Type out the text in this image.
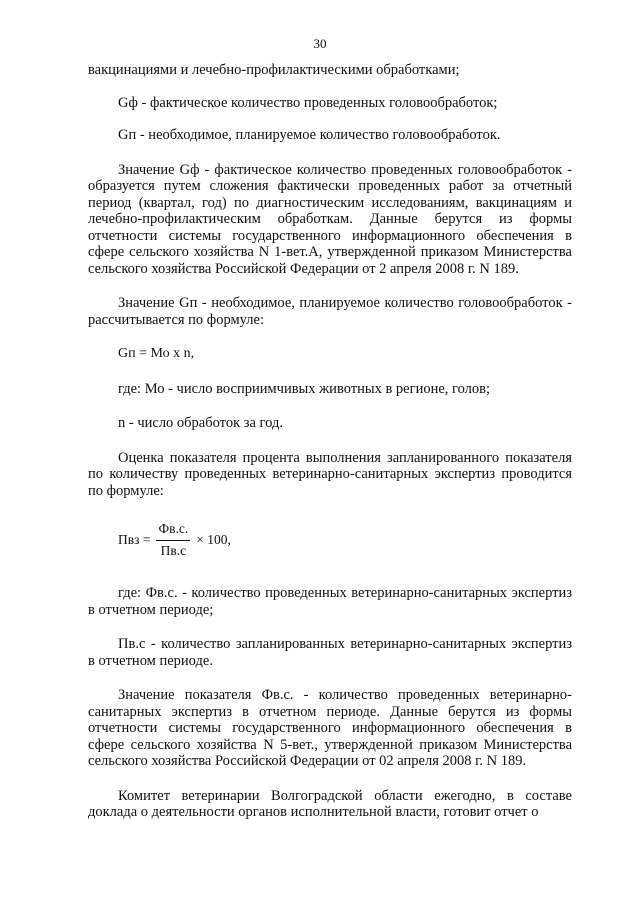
30

вакцинациями и лечебно-профилактическими обработками;

Gф - фактическое количество проведенных головообработок;

Gп - необходимое, планируемое количество головообработок.

Значение Gф - фактическое количество проведенных головообработок - образуется путем сложения фактически проведенных работ за отчетный период (квартал, год) по диагностическим исследованиям, вакцинациям и лечебно-профилактическим обработкам. Данные берутся из формы отчетности системы государственного информационного обеспечения в сфере сельского хозяйства N 1-вет.А, утвержденной приказом Министерства сельского хозяйства Российской Федерации от 2 апреля 2008 г. N 189.

Значение Gп - необходимое, планируемое количество головообработок - рассчитывается по формуле:

Gп = Мо x n,

где: Мо - число восприимчивых животных в регионе, голов;

n - число обработок за год.

Оценка показателя процента выполнения запланированного показателя по количеству проведенных ветеринарно-санитарных экспертиз проводится по формуле:

Пвз = $\frac{Фв.с.}{Пв.с} \times 100$,

где: Фв.с. - количество проведенных ветеринарно-санитарных экспертиз в отчетном периоде;

Пв.с - количество запланированных ветеринарно-санитарных экспертиз в отчетном периоде.

Значение показателя Фв.с. - количество проведенных ветеринарно-санитарных экспертиз в отчетном периоде. Данные берутся из формы отчетности системы государственного информационного обеспечения в сфере сельского хозяйства N 5-вет., утвержденной приказом Министерства сельского хозяйства Российской Федерации от 02 апреля 2008 г. N 189.

Комитет ветеринарии Волгоградской области ежегодно, в составе доклада о деятельности органов исполнительной власти, готовит отчет о
